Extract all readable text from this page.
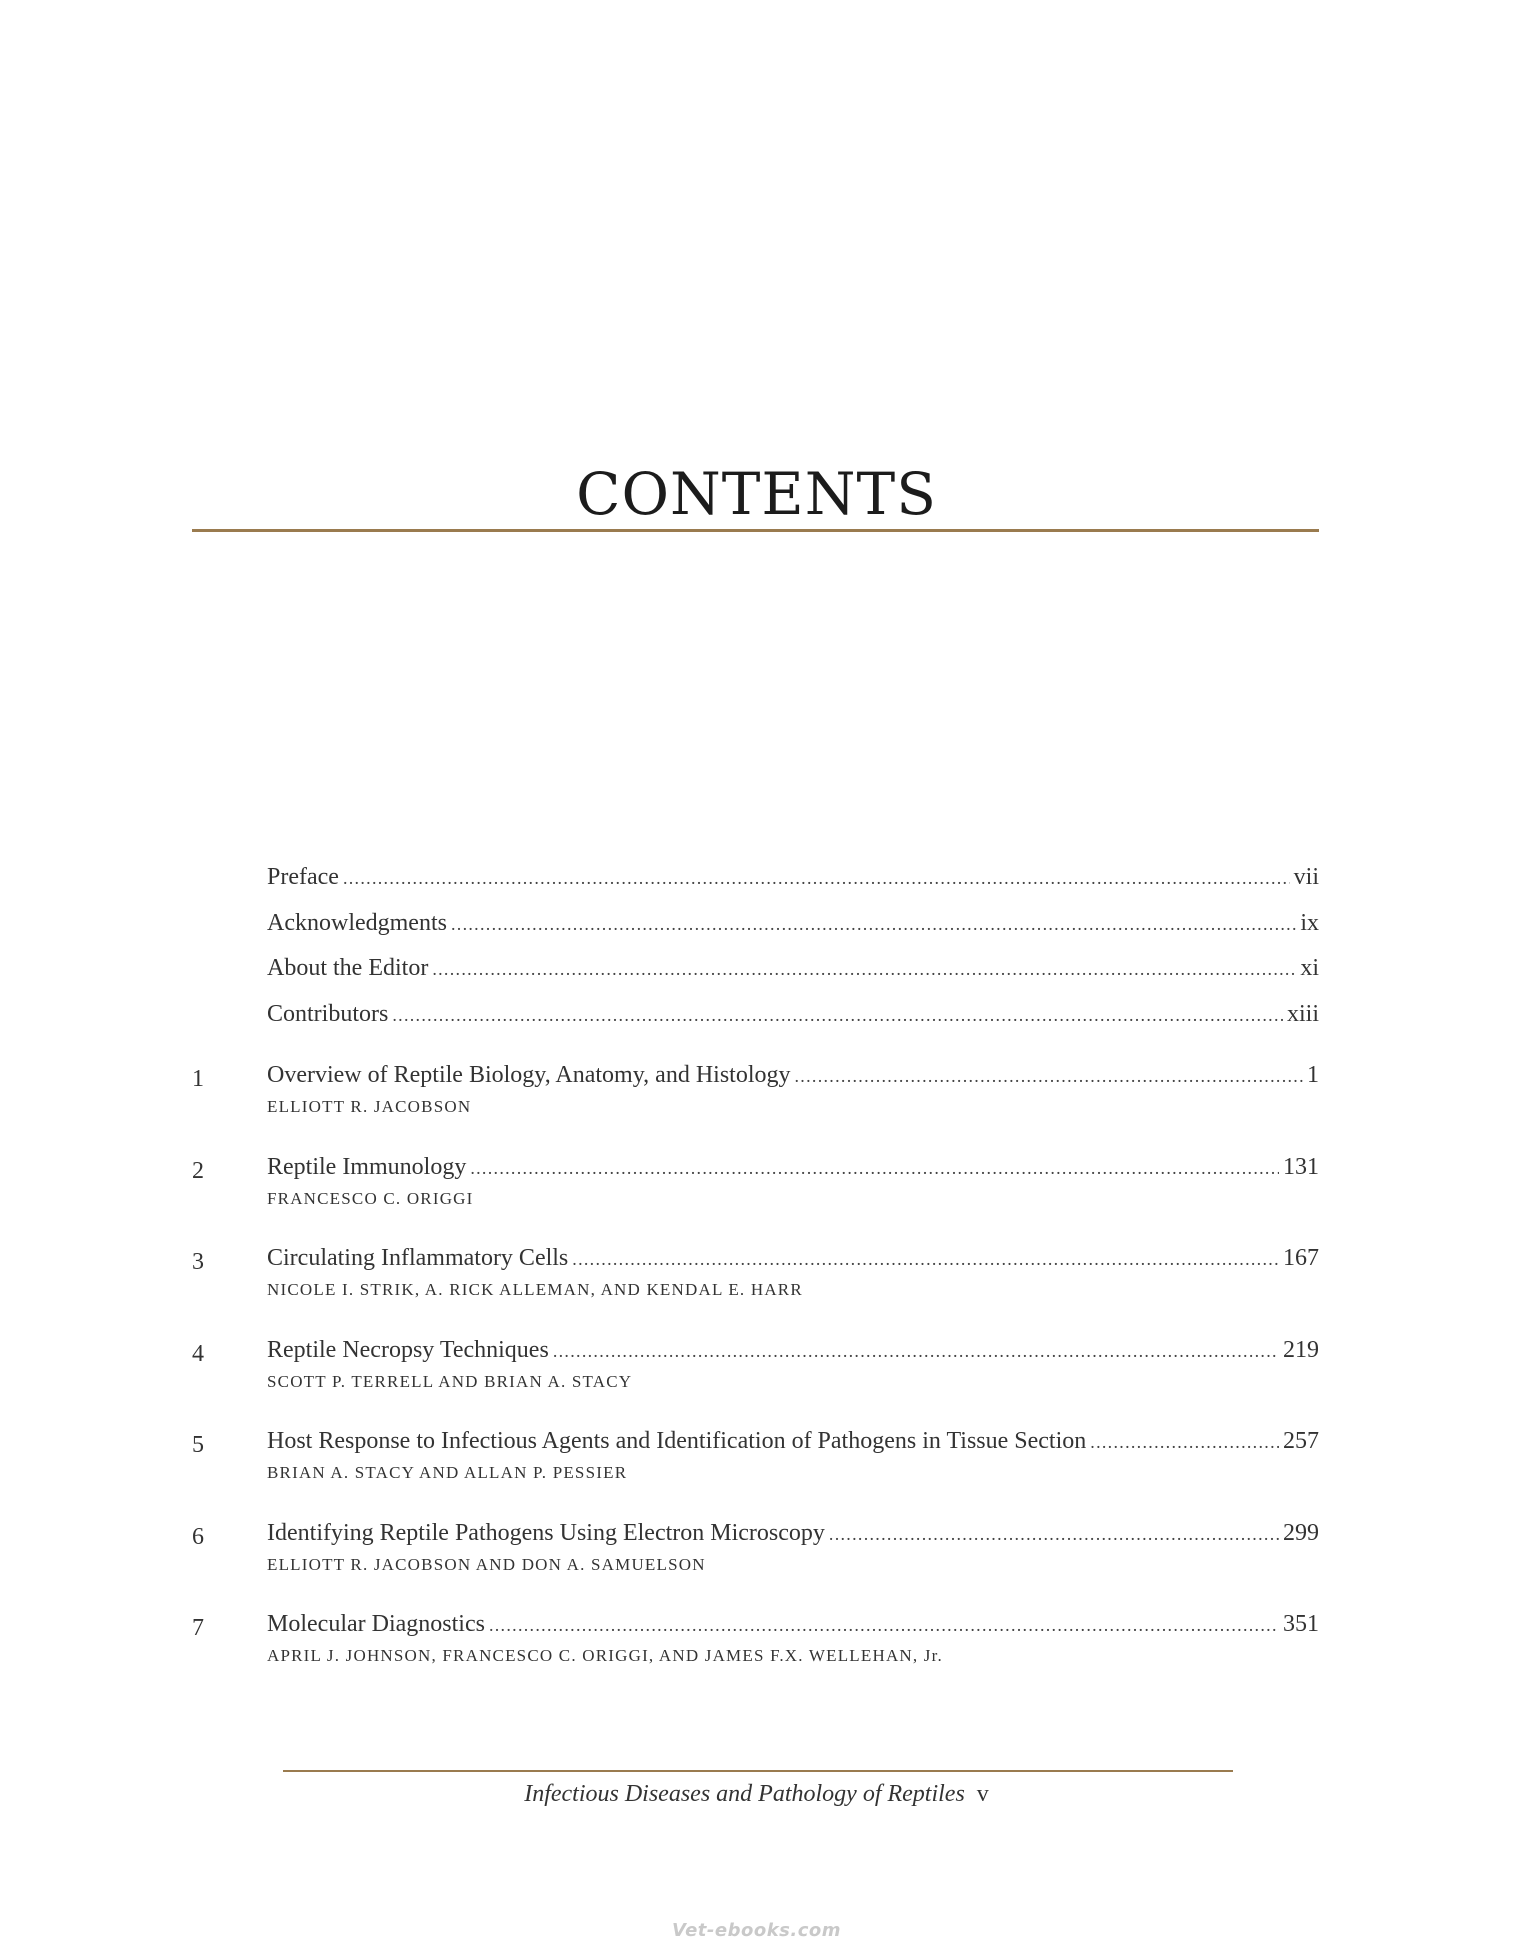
CONTENTS
Preface . . .	vii
Acknowledgments . . .	ix
About the Editor . . .	xi
Contributors . . .	xiii
1	Overview of Reptile Biology, Anatomy, and Histology . . .	1
ELLIOTT R. JACOBSON
2	Reptile Immunology . . .	131
FRANCESCO C. ORIGGI
3	Circulating Inflammatory Cells . . .	167
NICOLE I. STRIK, A. RICK ALLEMAN, AND KENDAL E. HARR
4	Reptile Necropsy Techniques . . .	219
SCOTT P. TERRELL AND BRIAN A. STACY
5	Host Response to Infectious Agents and Identification of Pathogens in Tissue Section . . .	257
BRIAN A. STACY AND ALLAN P. PESSIER
6	Identifying Reptile Pathogens Using Electron Microscopy . . .	299
ELLIOTT R. JACOBSON AND DON A. SAMUELSON
7	Molecular Diagnostics . . .	351
APRIL J. JOHNSON, FRANCESCO C. ORIGGI, AND JAMES F.X. WELLEHAN, Jr.
Infectious Diseases and Pathology of Reptiles v
Vet-ebooks.com
